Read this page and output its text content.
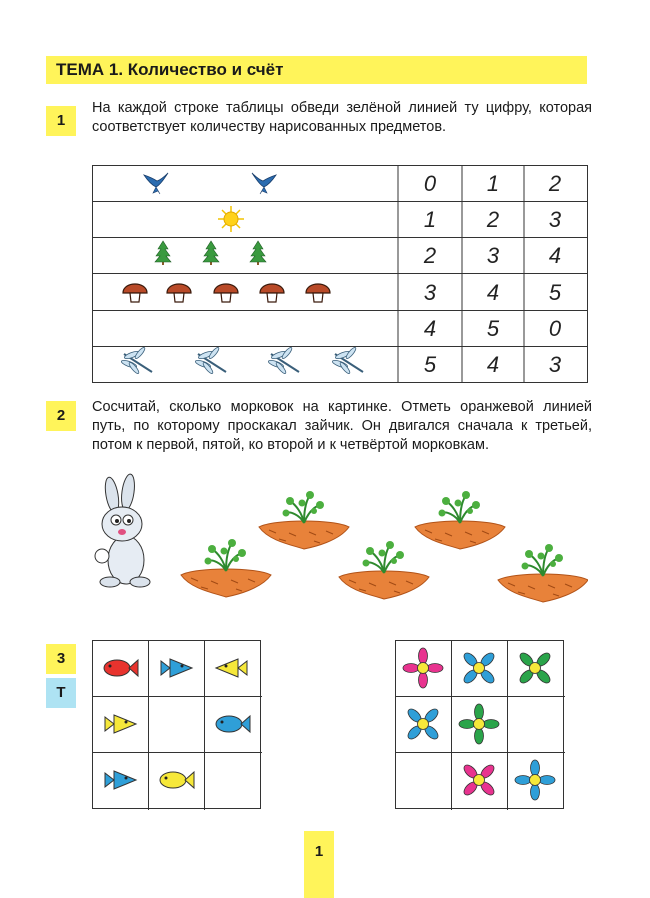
ТЕМА 1. Количество и счёт
1
На каждой строке таблицы обведи зелёной линией ту цифру, которая соответствует количеству нарисованных предметов.
0 1 2
1 2 3
2 3 4
3 4 5
4 5 0
5 4 3
2	Сосчитай, сколько морковок на картинке. Отметь оранжевой линией путь, по которому проскакал зайчик. Он двигался сначала к третьей, потом к первой, пятой, ко второй и к четвёртой морковкам.
3
Т
1
